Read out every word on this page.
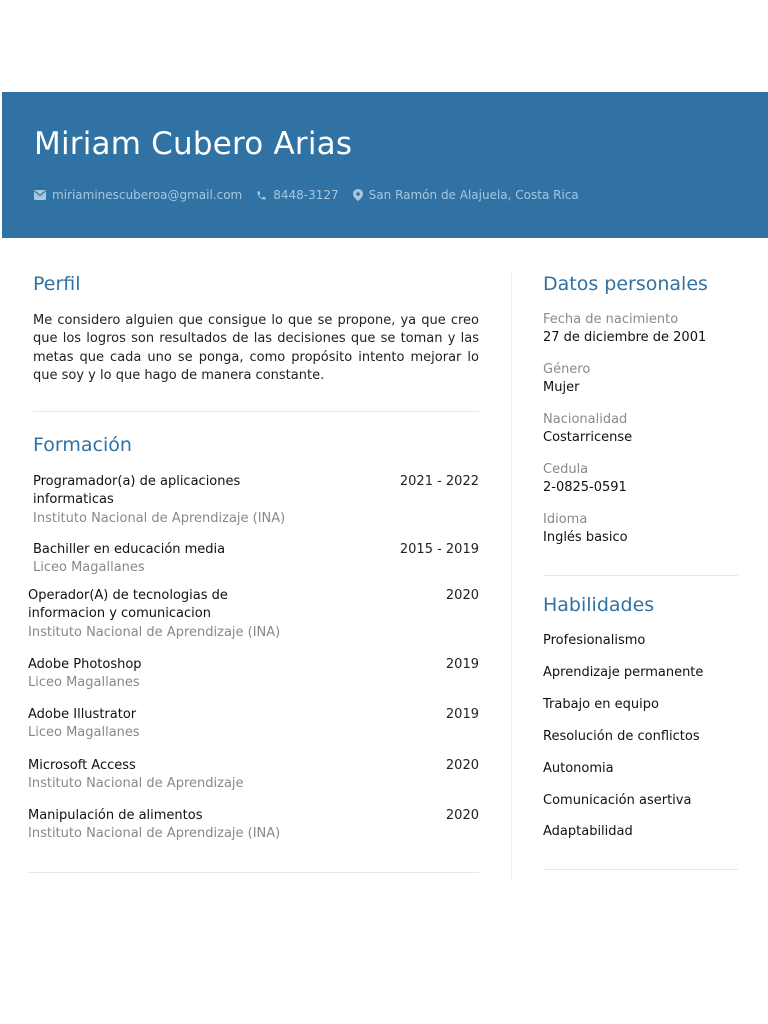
Miriam Cubero Arias
miriaminescuberoa@gmail.com	8448-3127	San Ramón de Alajuela, Costa Rica
Perfil
Me considero alguien que consigue lo que se propone, ya que creo que los logros son resultados de las decisiones que se toman y las metas que cada uno se ponga, como propósito intento mejorar lo que soy y lo que hago de manera constante.
Formación
Programador(a) de aplicaciones informaticas
Instituto Nacional de Aprendizaje (INA)
2021 - 2022
Bachiller en educación media
Liceo Magallanes
2015 - 2019
Operador(A) de tecnologias de informacion y comunicacion
Instituto Nacional de Aprendizaje (INA)
2020
Adobe Photoshop
Liceo Magallanes
2019
Adobe Illustrator
Liceo Magallanes
2019
Microsoft Access
Instituto Nacional de Aprendizaje
2020
Manipulación de alimentos
Instituto Nacional de Aprendizaje (INA)
2020
Datos personales
Fecha de nacimiento
27 de diciembre de 2001
Género
Mujer
Nacionalidad
Costarricense
Cedula
2-0825-0591
Idioma
Inglés basico
Habilidades
Profesionalismo
Aprendizaje permanente
Trabajo en equipo
Resolución de conflictos
Autonomia
Comunicación asertiva
Adaptabilidad
